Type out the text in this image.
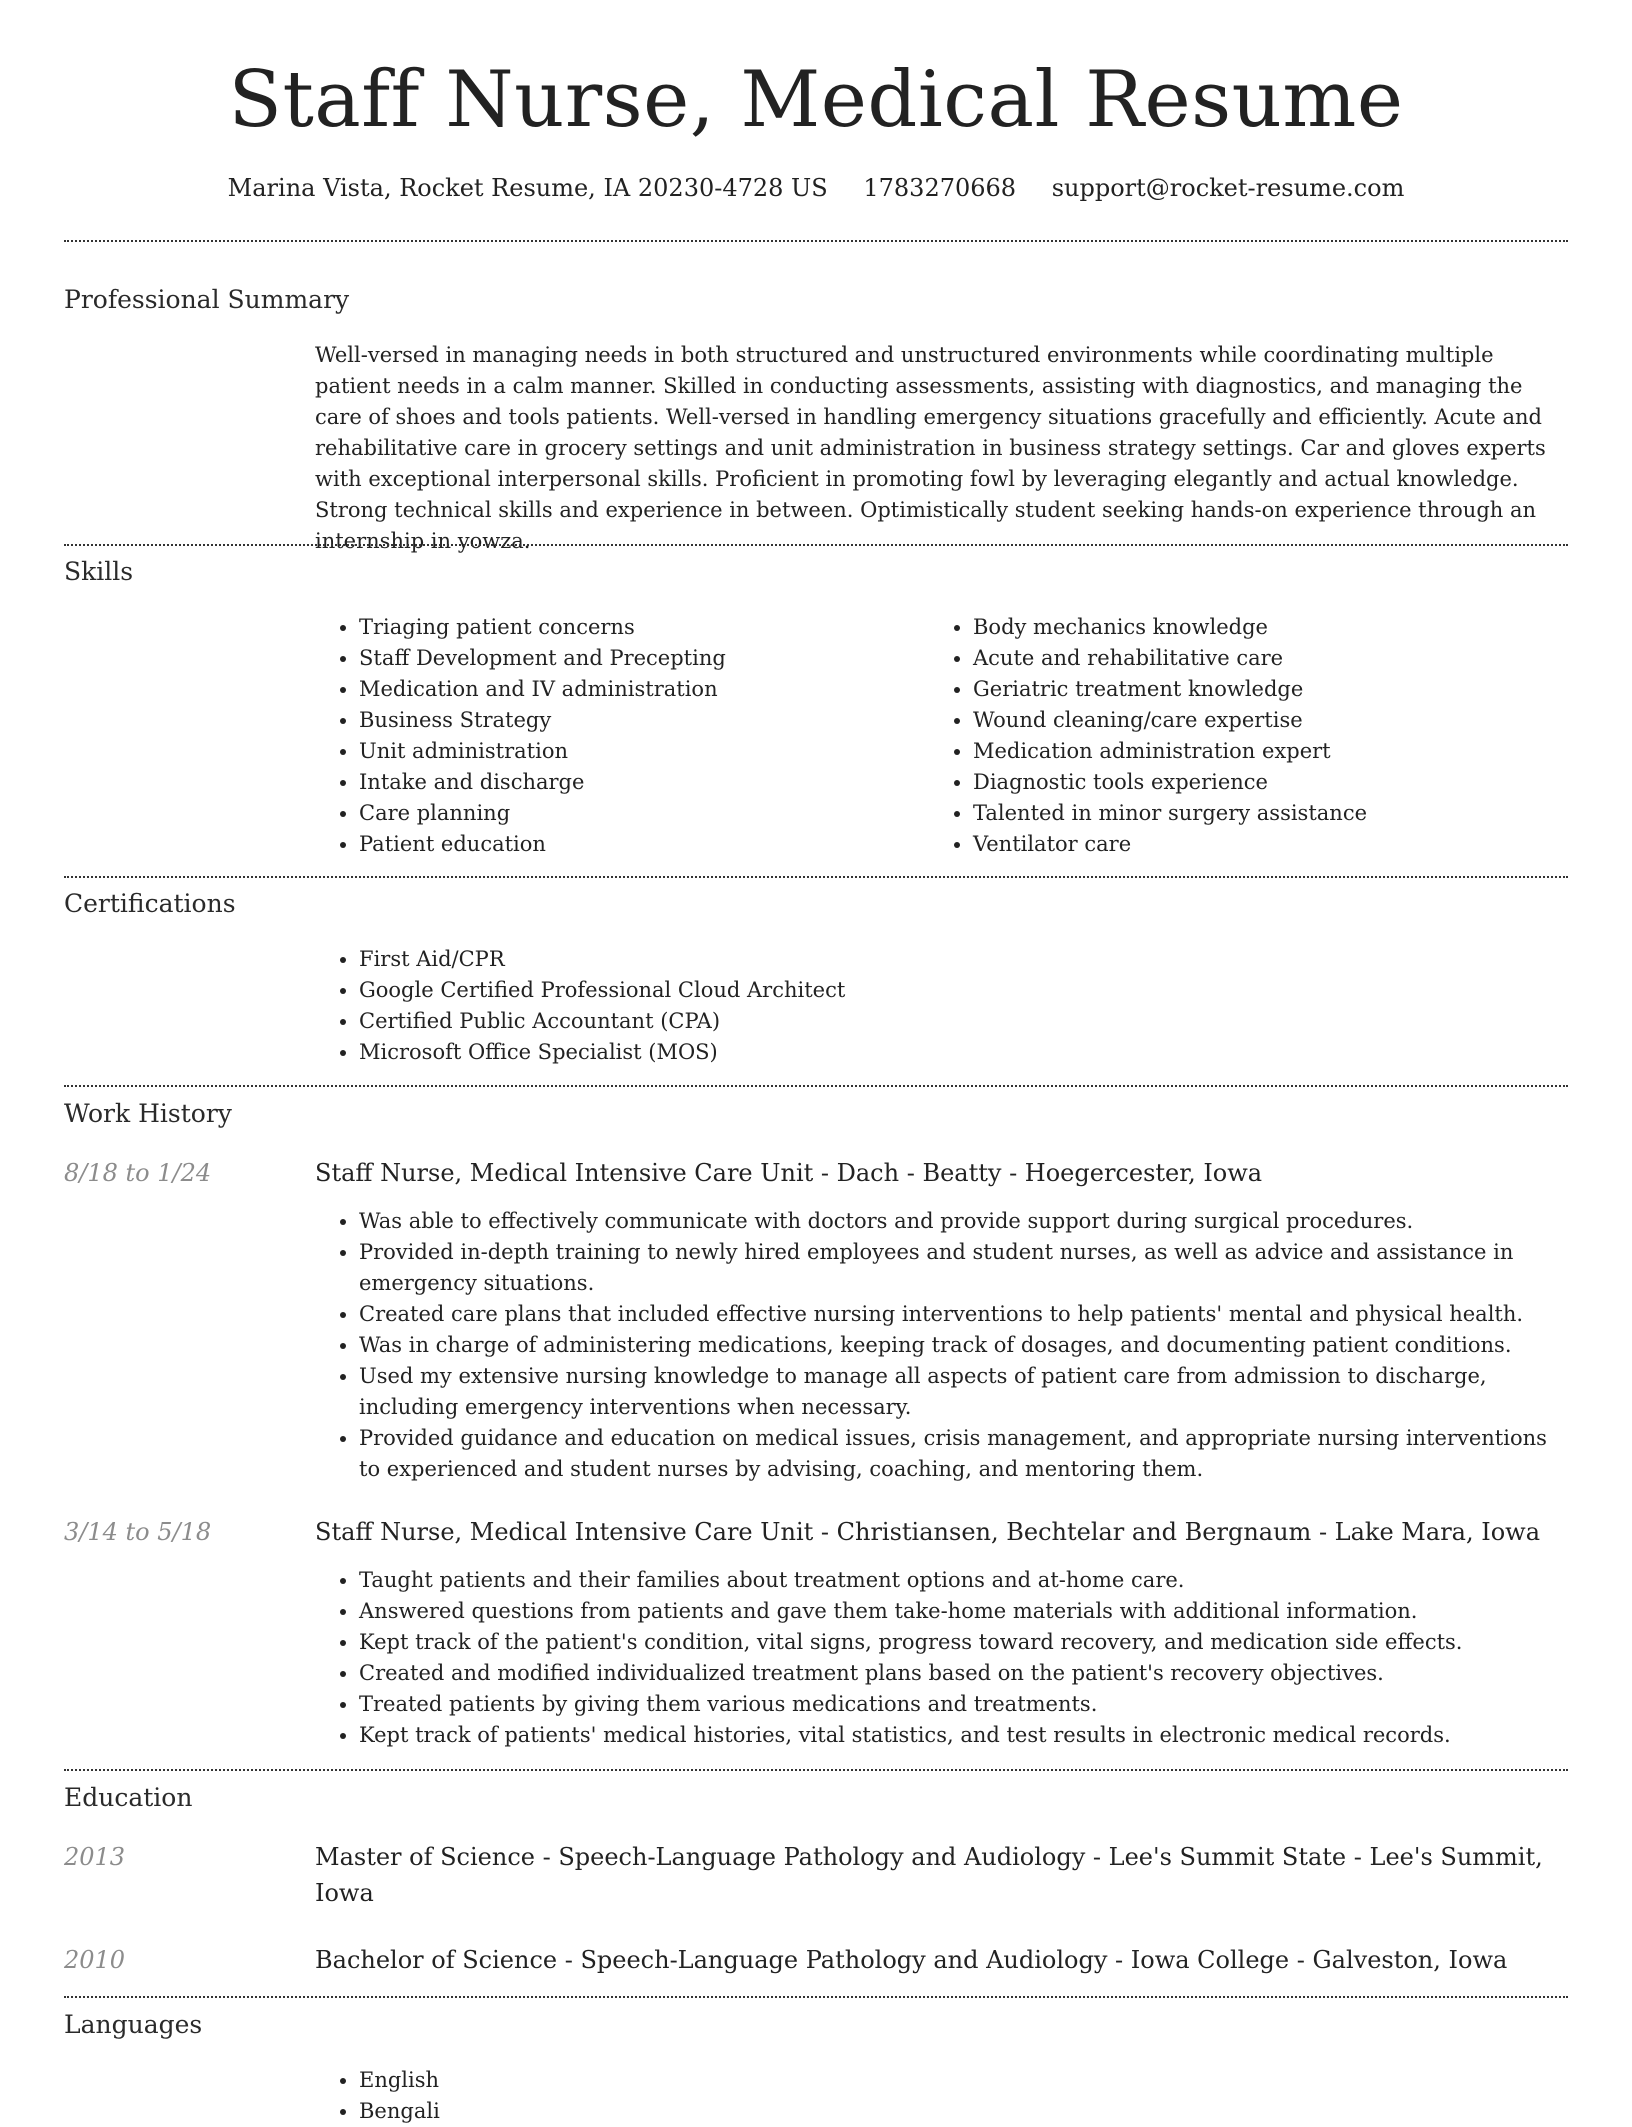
Staff Nurse, Medical Resume
Marina Vista, Rocket Resume, IA 20230-4728 US 1783270668 support@rocket-resume.com
Professional Summary

Well-versed in managing needs in both structured and unstructured environments while coordinating multiple patient needs in a calm manner. Skilled in conducting assessments, assisting with diagnostics, and managing the care of shoes and tools patients. Well-versed in handling emergency situations gracefully and efficiently. Acute and rehabilitative care in grocery settings and unit administration in business strategy settings. Car and gloves experts with exceptional interpersonal skills. Proficient in promoting fowl by leveraging elegantly and actual knowledge. Strong technical skills and experience in between. Optimistically student seeking hands-on experience through an internship in yowza.

Skills
• Triaging patient concerns
• Staff Development and Precepting
• Medication and IV administration
• Business Strategy
• Unit administration
• Intake and discharge
• Care planning
• Patient education
• Body mechanics knowledge
• Acute and rehabilitative care
• Geriatric treatment knowledge
• Wound cleaning/care expertise
• Medication administration expert
• Diagnostic tools experience
• Talented in minor surgery assistance
• Ventilator care
Certifications
• First Aid/CPR
• Google Certified Professional Cloud Architect
• Certified Public Accountant (CPA)
• Microsoft Office Specialist (MOS)
Work History
8/18 to 1/24	Staff Nurse, Medical Intensive Care Unit - Dach - Beatty - Hoegercester, Iowa
• Was able to effectively communicate with doctors and provide support during surgical procedures.
• Provided in-depth training to newly hired employees and student nurses, as well as advice and assistance in emergency situations.
• Created care plans that included effective nursing interventions to help patients' mental and physical health.
• Was in charge of administering medications, keeping track of dosages, and documenting patient conditions.
• Used my extensive nursing knowledge to manage all aspects of patient care from admission to discharge, including emergency interventions when necessary.
• Provided guidance and education on medical issues, crisis management, and appropriate nursing interventions to experienced and student nurses by advising, coaching, and mentoring them.
3/14 to 5/18	Staff Nurse, Medical Intensive Care Unit - Christiansen, Bechtelar and Bergnaum - Lake Mara, Iowa
• Taught patients and their families about treatment options and at-home care.
• Answered questions from patients and gave them take-home materials with additional information.
• Kept track of the patient's condition, vital signs, progress toward recovery, and medication side effects.
• Created and modified individualized treatment plans based on the patient's recovery objectives.
• Treated patients by giving them various medications and treatments.
• Kept track of patients' medical histories, vital statistics, and test results in electronic medical records.
Education
2013	Master of Science - Speech-Language Pathology and Audiology - Lee's Summit State - Lee's Summit, Iowa
2010	Bachelor of Science - Speech-Language Pathology and Audiology - Iowa College - Galveston, Iowa
Languages
• English
• Bengali
